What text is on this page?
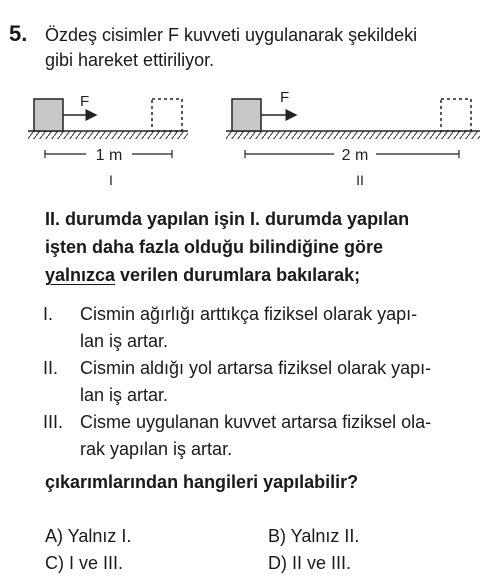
5. Özdeş cisimler F kuvveti uygulanarak şekildeki
gibi hareket ettiriliyor.
F
1 m
I
F
2 m
II
II. durumda yapılan işin I. durumda yapılan
işten daha fazla olduğu bilindiğine göre
yalnızca verilen durumlara bakılarak;
I. Cismin ağırlığı arttıkça fiziksel olarak yapı-
lan iş artar.
II. Cismin aldığı yol artarsa fiziksel olarak yapı-
lan iş artar.
III. Cisme uygulanan kuvvet artarsa fiziksel ola-
rak yapılan iş artar.
çıkarımlarından hangileri yapılabilir?
A) Yalnız I.	B) Yalnız II.
C) I ve III.	D) II ve III.
